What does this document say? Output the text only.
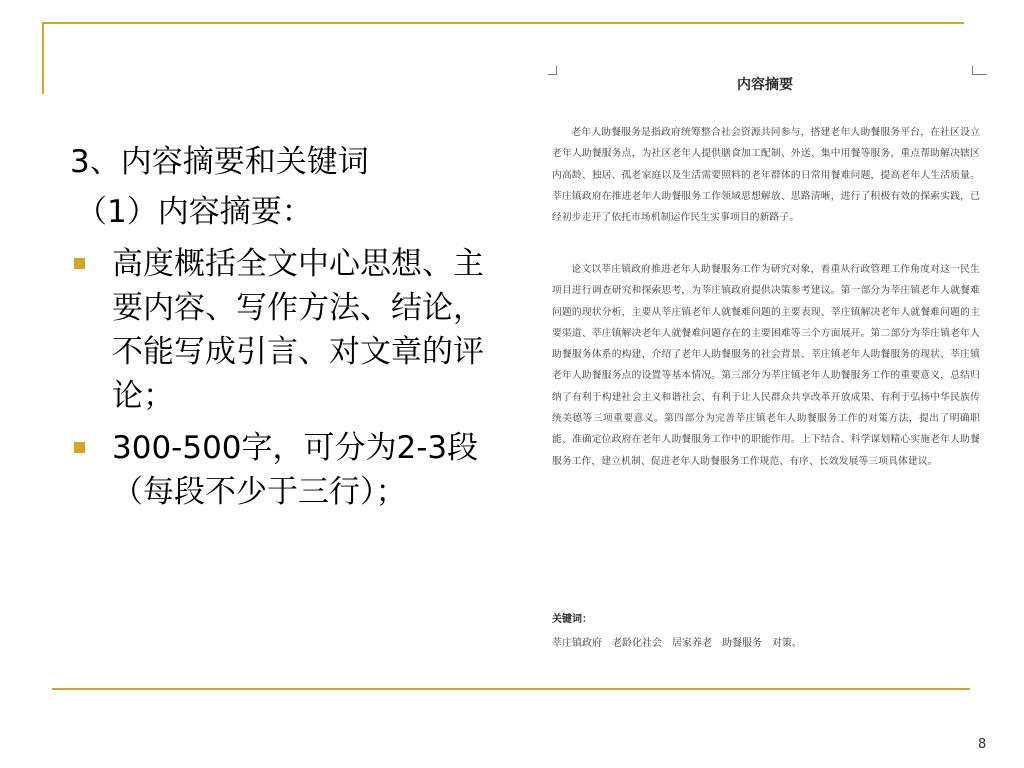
3、内容摘要和关键词
（1）内容摘要：
高度概括全文中心思想、主要内容、写作方法、结论，不能写成引言、对文章的评论；
300-500字，可分为2-3段（每段不少于三行）；
内容摘要

老年人助餐服务是指政府统筹整合社会资源共同参与，搭建老年人助餐服务平台，在社区设立老年人助餐服务点，为社区老年人提供膳食加工配制、外送、集中用餐等服务，重点帮助解决辖区内高龄、独居、孤老家庭以及生活需要照料的老年群体的日常用餐难问题，提高老年人生活质量。莘庄镇政府在推进老年人助餐服务工作领域思想解放、思路清晰，进行了积极有效的探索实践，已经初步走开了依托市场机制运作民生实事项目的新路子。

论文以莘庄镇政府推进老年人助餐服务工作为研究对象，着重从行政管理工作角度对这一民生项目进行调查研究和探索思考，为莘庄镇政府提供决策参考建议。第一部分为莘庄镇老年人就餐难问题的现状分析，主要从莘庄镇老年人就餐难问题的主要表现、莘庄镇解决老年人就餐难问题的主要渠道、莘庄镇解决老年人就餐难问题存在的主要困难等三个方面展开。第二部分为莘庄镇老年人助餐服务体系的构建，介绍了老年人助餐服务的社会背景、莘庄镇老年人助餐服务的现状、莘庄镇老年人助餐服务点的设置等基本情况。第三部分为莘庄镇老年人助餐服务工作的重要意义，总结归纳了有利于构建社会主义和谐社会、有利于让人民群众共享改革开放成果、有利于弘扬中华民族传统美德等三项重要意义。第四部分为完善莘庄镇老年人助餐服务工作的对策方法，提出了明确职能、准确定位政府在老年人助餐服务工作中的职能作用。上下结合、科学谋划精心实施老年人助餐服务工作，建立机制、促进老年人助餐服务工作规范、有序、长效发展等三项具体建议。

关键词：
莘庄镇政府　老龄化社会　居家养老　助餐服务　对策。
8
